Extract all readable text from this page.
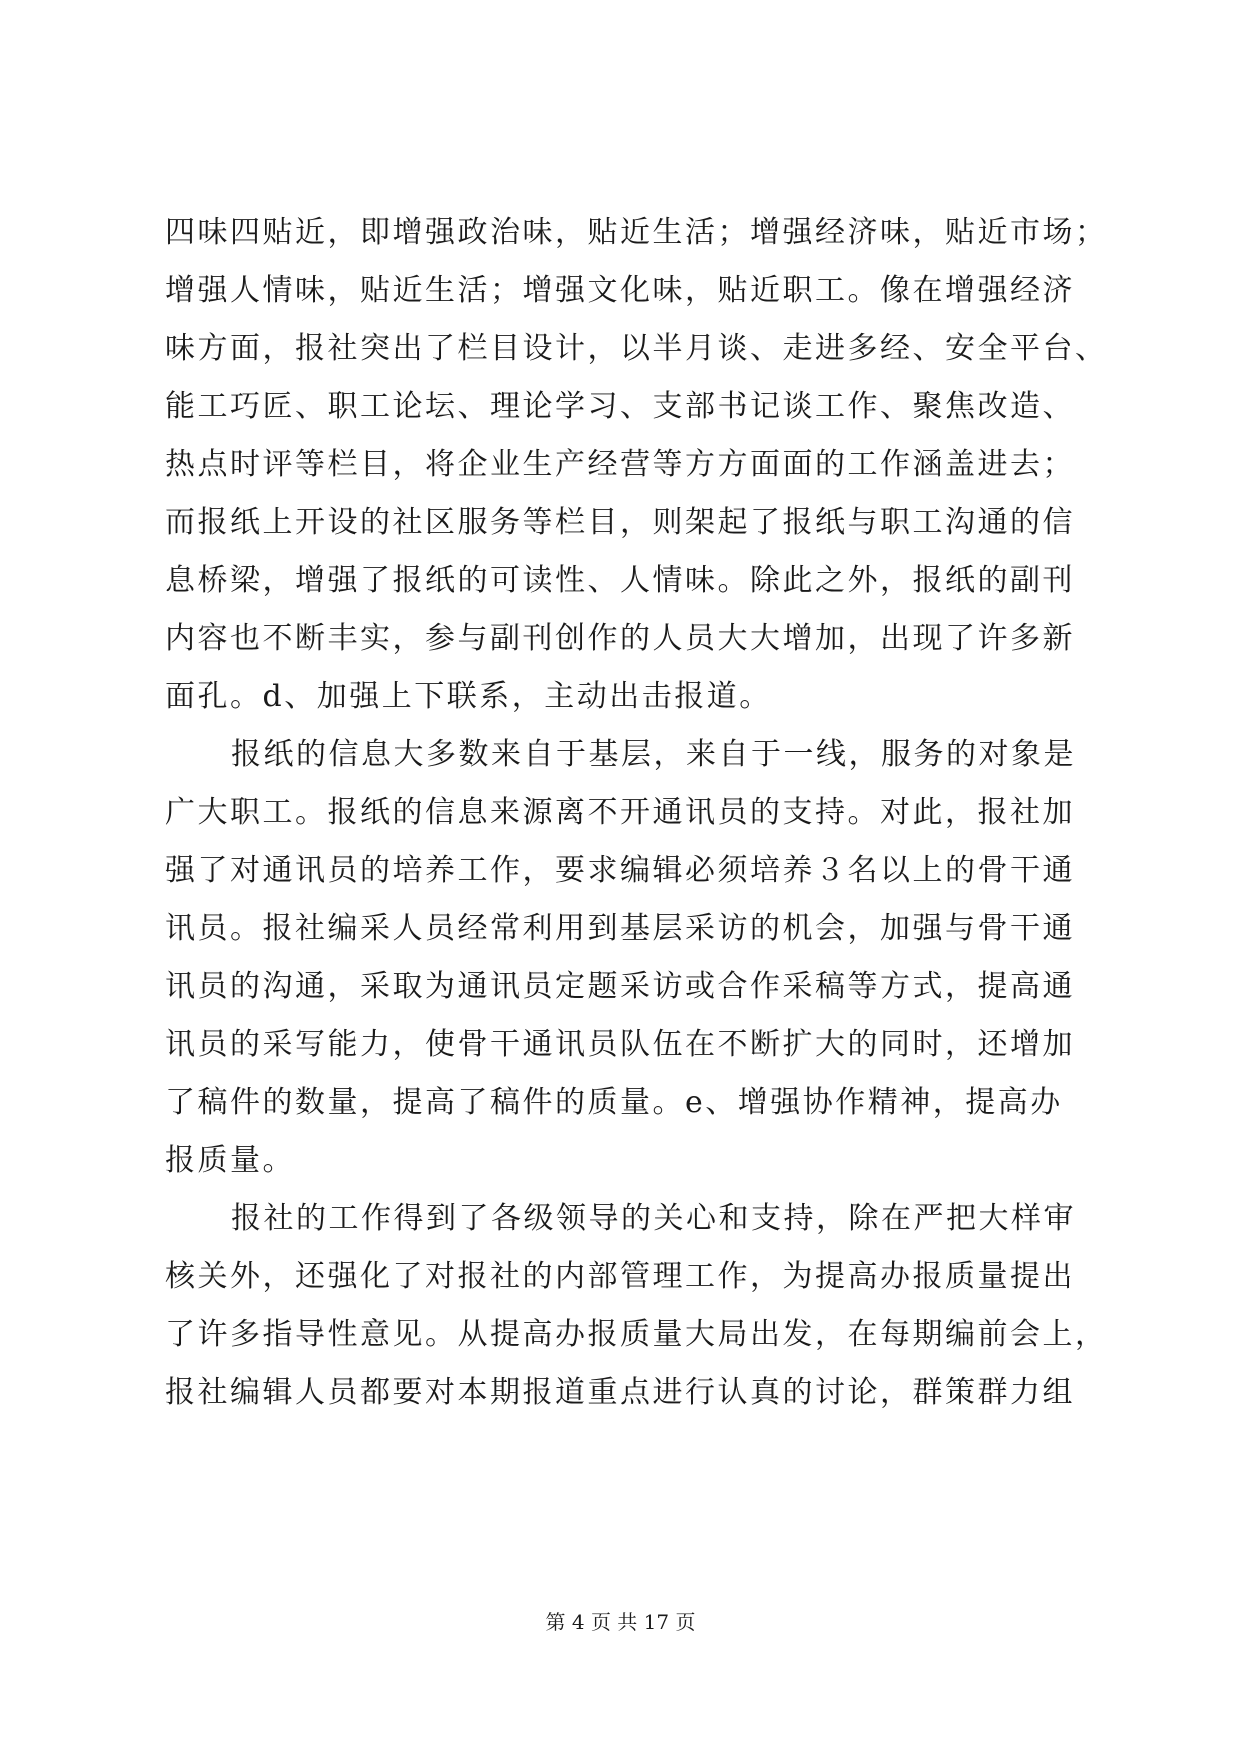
四味四贴近，即增强政治味，贴近生活；增强经济味，贴近市场；
增强人情味，贴近生活；增强文化味，贴近职工。像在增强经济
味方面，报社突出了栏目设计，以半月谈、走进多经、安全平台、
能工巧匠、职工论坛、理论学习、支部书记谈工作、聚焦改造、
热点时评等栏目，将企业生产经营等方方面面的工作涵盖进去；
而报纸上开设的社区服务等栏目，则架起了报纸与职工沟通的信
息桥梁，增强了报纸的可读性、人情味。除此之外，报纸的副刊
内容也不断丰实，参与副刊创作的人员大大增加，出现了许多新
面孔。d、加强上下联系，主动出击报道。
报纸的信息大多数来自于基层，来自于一线，服务的对象是
广大职工。报纸的信息来源离不开通讯员的支持。对此，报社加
强了对通讯员的培养工作，要求编辑必须培养３名以上的骨干通
讯员。报社编采人员经常利用到基层采访的机会，加强与骨干通
讯员的沟通，采取为通讯员定题采访或合作采稿等方式，提高通
讯员的采写能力，使骨干通讯员队伍在不断扩大的同时，还增加
了稿件的数量，提高了稿件的质量。e、增强协作精神，提高办
报质量。
报社的工作得到了各级领导的关心和支持，除在严把大样审
核关外，还强化了对报社的内部管理工作，为提高办报质量提出
了许多指导性意见。从提高办报质量大局出发，在每期编前会上，
报社编辑人员都要对本期报道重点进行认真的讨论，群策群力组
第 4 页 共 17 页
